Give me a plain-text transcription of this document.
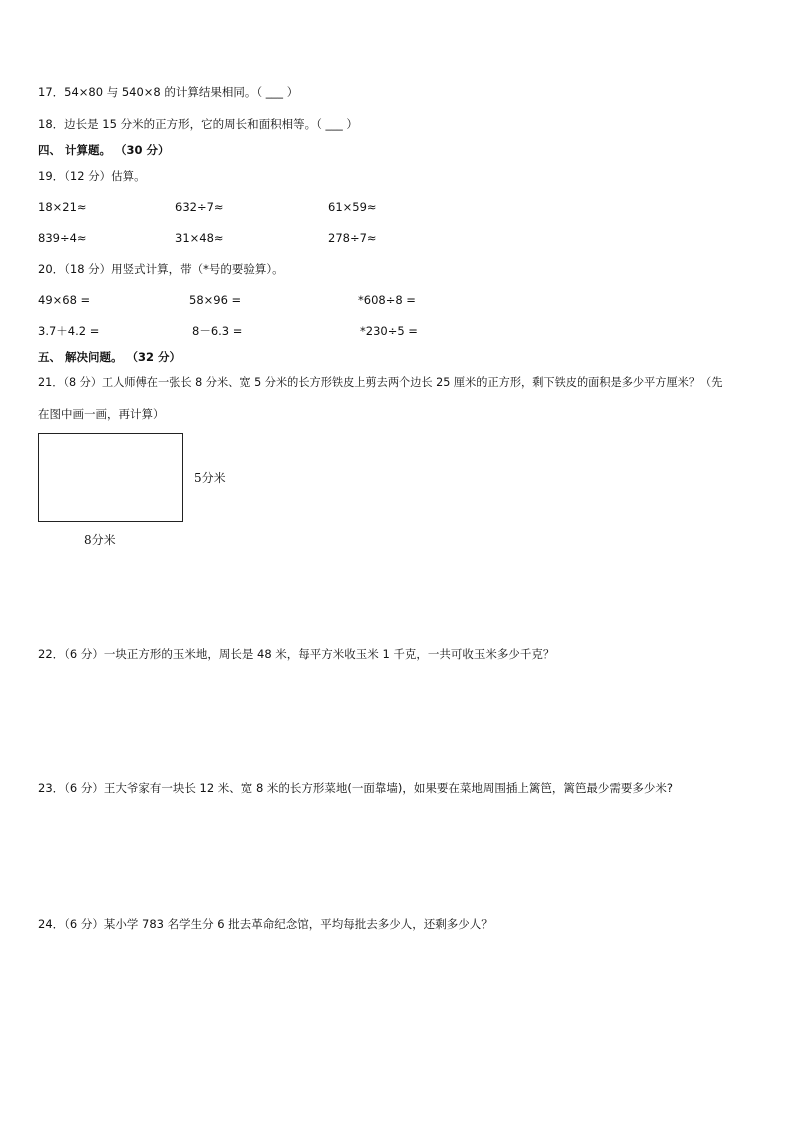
17．54×80 与 540×8 的计算结果相同。（ ___ ）
18．边长是 15 分米的正方形，它的周长和面积相等。（ ___ ）
四、 计算题。 （30 分）
19．（12 分）估算。
18×21≈	632÷7≈	61×59≈
839÷4≈	31×48≈	278÷7≈
20．（18 分）用竖式计算，带（*号的要验算）。
49×68 =	58×96 =	*608÷8 =
3.7＋4.2 =	8－6.3 =	*230÷5 =
五、 解决问题。 （32 分）
21．（8 分）工人师傅在一张长 8 分米、宽 5 分米的长方形铁皮上剪去两个边长 25 厘米的正方形，剩下铁皮的面积是多少平方厘米？（先
在图中画一画，再计算）
5分米
8分米
22．（6 分）一块正方形的玉米地，周长是 48 米，每平方米收玉米 1 千克，一共可收玉米多少千克？
23．（6 分）王大爷家有一块长 12 米、宽 8 米的长方形菜地(一面靠墙)，如果要在菜地周围插上篱笆，篱笆最少需要多少米?
24．（6 分）某小学 783 名学生分 6 批去革命纪念馆，平均每批去多少人，还剩多少人？
